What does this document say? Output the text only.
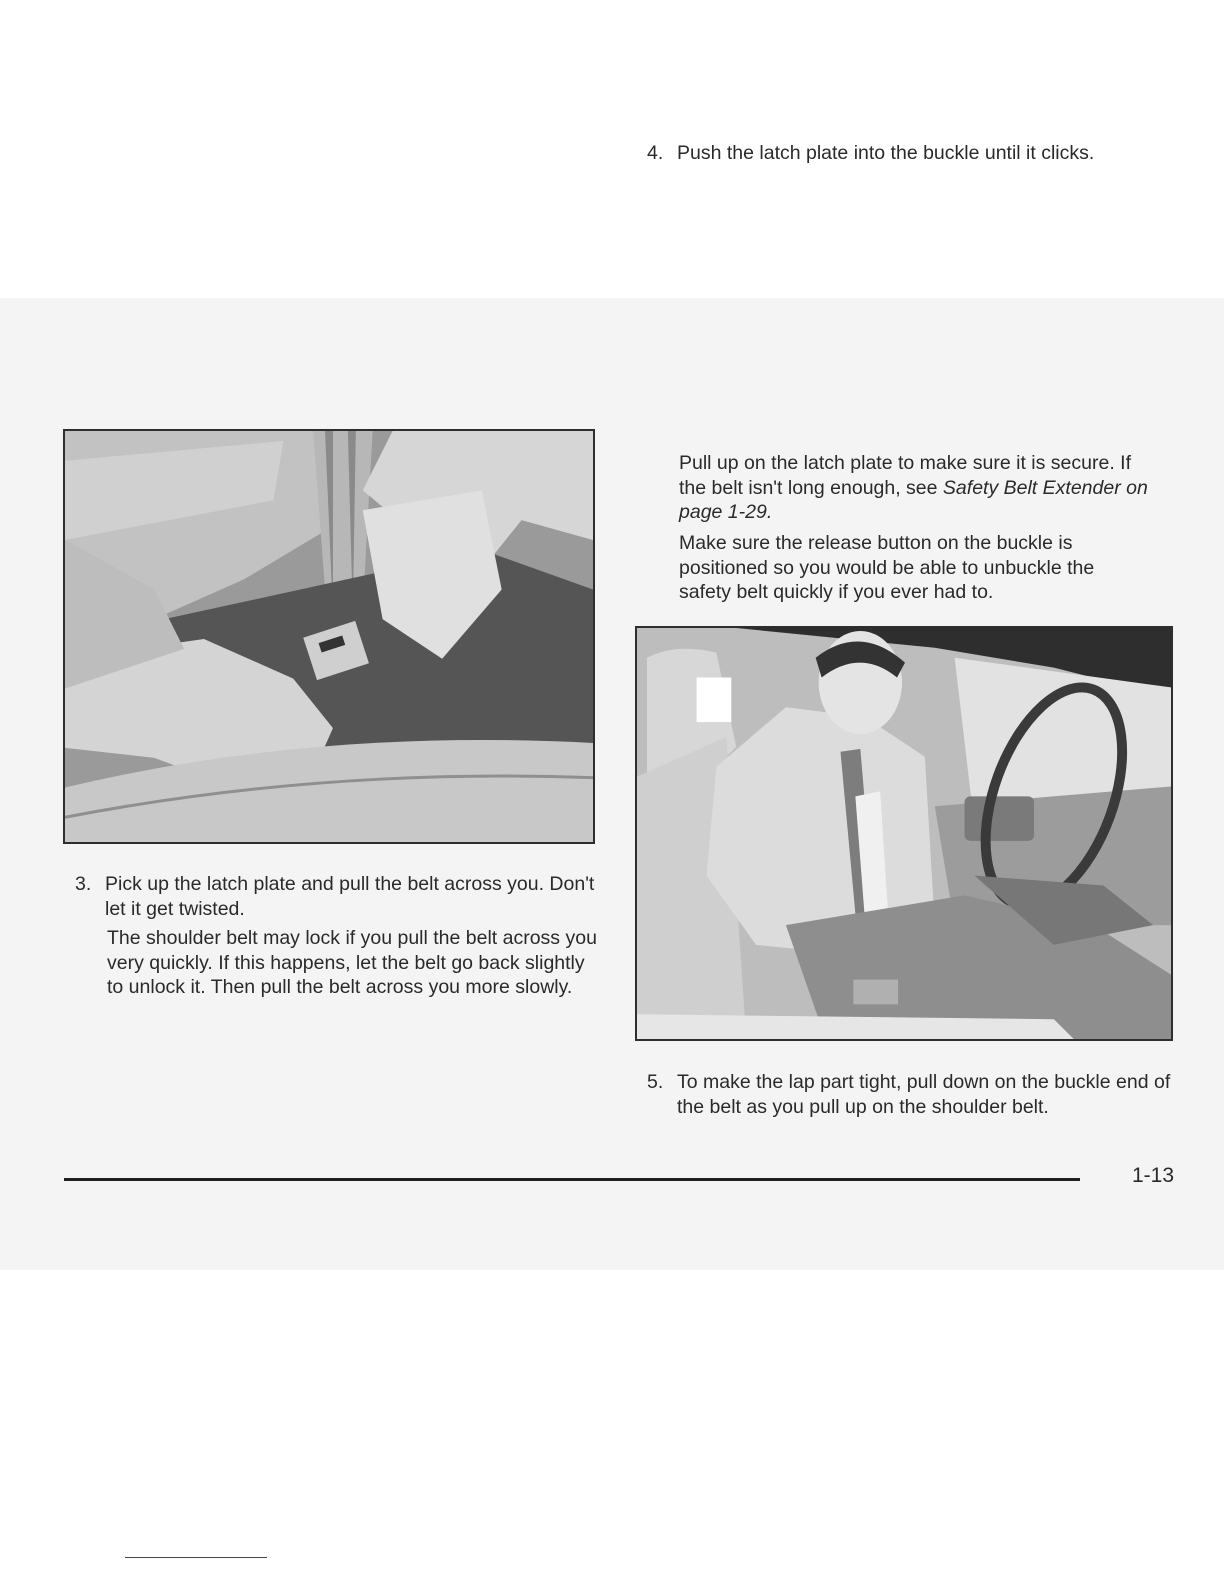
3. Pick up the latch plate and pull the belt across you. Don't let it get twisted.
The shoulder belt may lock if you pull the belt across you very quickly. If this happens, let the belt go back slightly to unlock it. Then pull the belt across you more slowly.
4. Push the latch plate into the buckle until it clicks.
Pull up on the latch plate to make sure it is secure. If the belt isn't long enough, see Safety Belt Extender on page 1-29.
Make sure the release button on the buckle is positioned so you would be able to unbuckle the safety belt quickly if you ever had to.
5. To make the lap part tight, pull down on the buckle end of the belt as you pull up on the shoulder belt.
1-13
